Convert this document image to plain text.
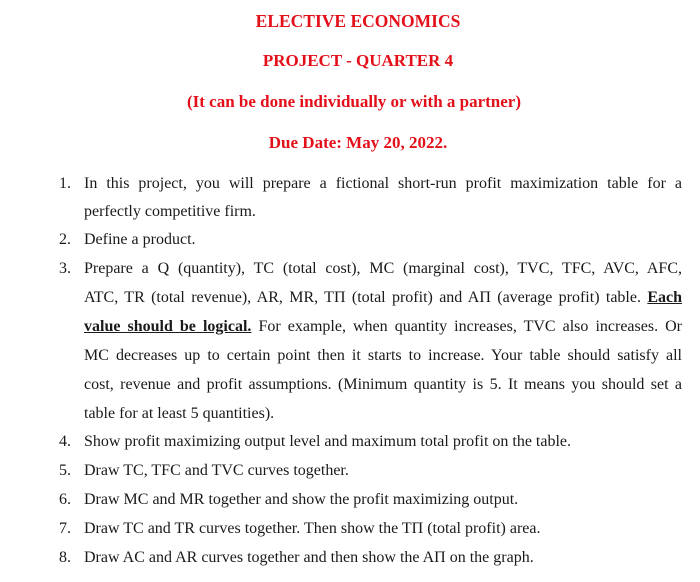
ELECTIVE ECONOMICS
PROJECT - QUARTER 4
(It can be done individually or with a partner)
Due Date: May 20, 2022.
1. In this project, you will prepare a fictional short-run profit maximization table for a
perfectly competitive firm.
2. Define a product.
3. Prepare a Q (quantity), TC (total cost), MC (marginal cost), TVC, TFC, AVC, AFC,
ATC, TR (total revenue), AR, MR, TΠ (total profit) and AΠ (average profit) table. Each
value should be logical. For example, when quantity increases, TVC also increases. Or
MC decreases up to certain point then it starts to increase. Your table should satisfy all
cost, revenue and profit assumptions. (Minimum quantity is 5. It means you should set a
table for at least 5 quantities).
4. Show profit maximizing output level and maximum total profit on the table.
5. Draw TC, TFC and TVC curves together.
6. Draw MC and MR together and show the profit maximizing output.
7. Draw TC and TR curves together. Then show the TΠ (total profit) area.
8. Draw AC and AR curves together and then show the AΠ on the graph.
